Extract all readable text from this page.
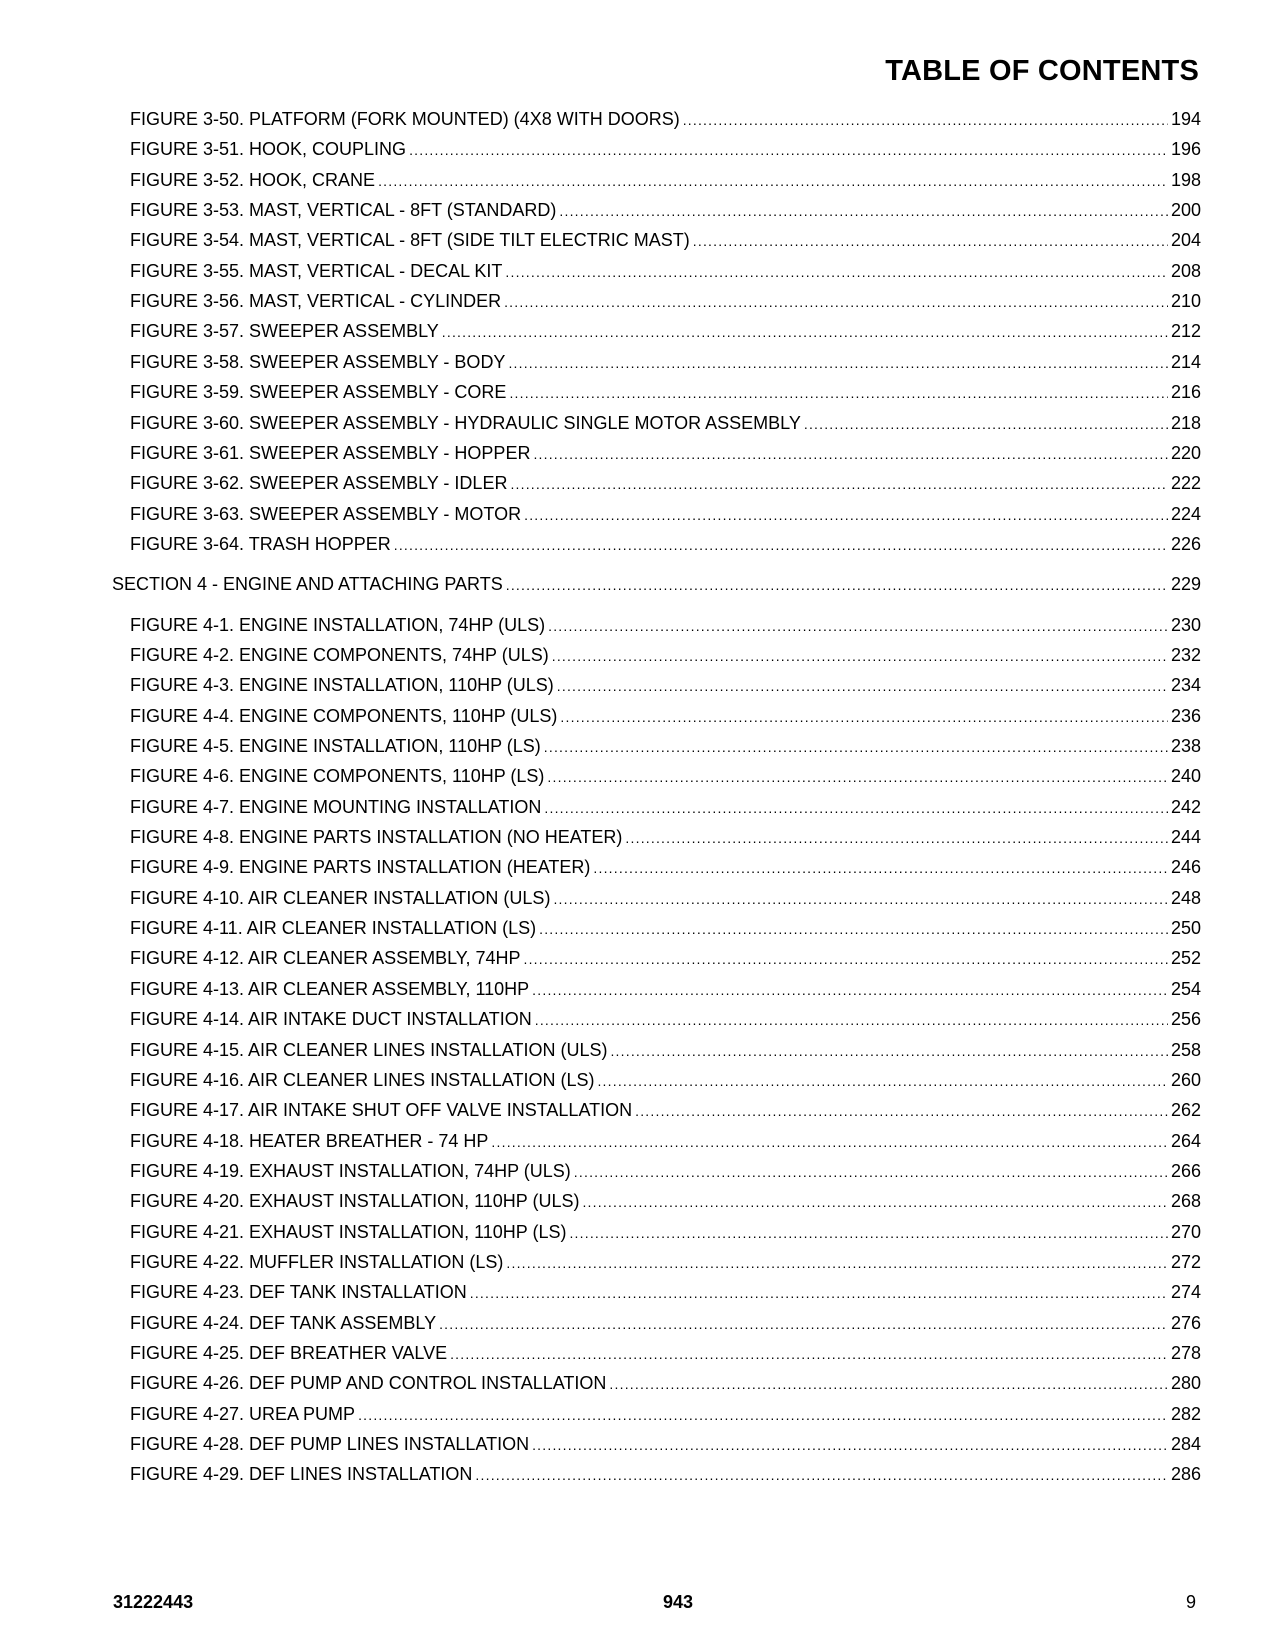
TABLE OF CONTENTS
FIGURE 3-50. PLATFORM (FORK MOUNTED) (4X8 WITH DOORS) .....	194
FIGURE 3-51. HOOK, COUPLING .....	196
FIGURE 3-52. HOOK, CRANE .....	198
FIGURE 3-53. MAST, VERTICAL - 8FT (STANDARD) .....	200
FIGURE 3-54. MAST, VERTICAL - 8FT (SIDE TILT ELECTRIC MAST) .....	204
FIGURE 3-55. MAST, VERTICAL - DECAL KIT .....	208
FIGURE 3-56. MAST, VERTICAL - CYLINDER .....	210
FIGURE 3-57. SWEEPER ASSEMBLY .....	212
FIGURE 3-58. SWEEPER ASSEMBLY - BODY .....	214
FIGURE 3-59. SWEEPER ASSEMBLY - CORE .....	216
FIGURE 3-60. SWEEPER ASSEMBLY - HYDRAULIC SINGLE MOTOR ASSEMBLY .....	218
FIGURE 3-61. SWEEPER ASSEMBLY - HOPPER .....	220
FIGURE 3-62. SWEEPER ASSEMBLY - IDLER .....	222
FIGURE 3-63. SWEEPER ASSEMBLY - MOTOR .....	224
FIGURE 3-64. TRASH HOPPER .....	226
SECTION 4 - ENGINE AND ATTACHING PARTS .....	229
FIGURE 4-1. ENGINE INSTALLATION, 74HP (ULS) .....	230
FIGURE 4-2. ENGINE COMPONENTS, 74HP (ULS) .....	232
FIGURE 4-3. ENGINE INSTALLATION, 110HP (ULS) .....	234
FIGURE 4-4. ENGINE COMPONENTS, 110HP (ULS) .....	236
FIGURE 4-5. ENGINE INSTALLATION, 110HP (LS) .....	238
FIGURE 4-6. ENGINE COMPONENTS, 110HP (LS) .....	240
FIGURE 4-7. ENGINE MOUNTING INSTALLATION .....	242
FIGURE 4-8. ENGINE PARTS INSTALLATION (NO HEATER) .....	244
FIGURE 4-9. ENGINE PARTS INSTALLATION (HEATER) .....	246
FIGURE 4-10. AIR CLEANER INSTALLATION (ULS) .....	248
FIGURE 4-11. AIR CLEANER INSTALLATION (LS) .....	250
FIGURE 4-12. AIR CLEANER ASSEMBLY, 74HP .....	252
FIGURE 4-13. AIR CLEANER ASSEMBLY, 110HP .....	254
FIGURE 4-14. AIR INTAKE DUCT INSTALLATION .....	256
FIGURE 4-15. AIR CLEANER LINES INSTALLATION (ULS) .....	258
FIGURE 4-16. AIR CLEANER LINES INSTALLATION (LS) .....	260
FIGURE 4-17. AIR INTAKE SHUT OFF VALVE INSTALLATION .....	262
FIGURE 4-18. HEATER BREATHER - 74 HP .....	264
FIGURE 4-19. EXHAUST INSTALLATION, 74HP (ULS) .....	266
FIGURE 4-20. EXHAUST INSTALLATION, 110HP (ULS) .....	268
FIGURE 4-21. EXHAUST INSTALLATION, 110HP (LS) .....	270
FIGURE 4-22. MUFFLER INSTALLATION (LS) .....	272
FIGURE 4-23. DEF TANK INSTALLATION .....	274
FIGURE 4-24. DEF TANK ASSEMBLY .....	276
FIGURE 4-25. DEF BREATHER VALVE .....	278
FIGURE 4-26. DEF PUMP AND CONTROL INSTALLATION .....	280
FIGURE 4-27. UREA PUMP .....	282
FIGURE 4-28. DEF PUMP LINES INSTALLATION .....	284
FIGURE 4-29. DEF LINES INSTALLATION .....	286
31222443	943	9
